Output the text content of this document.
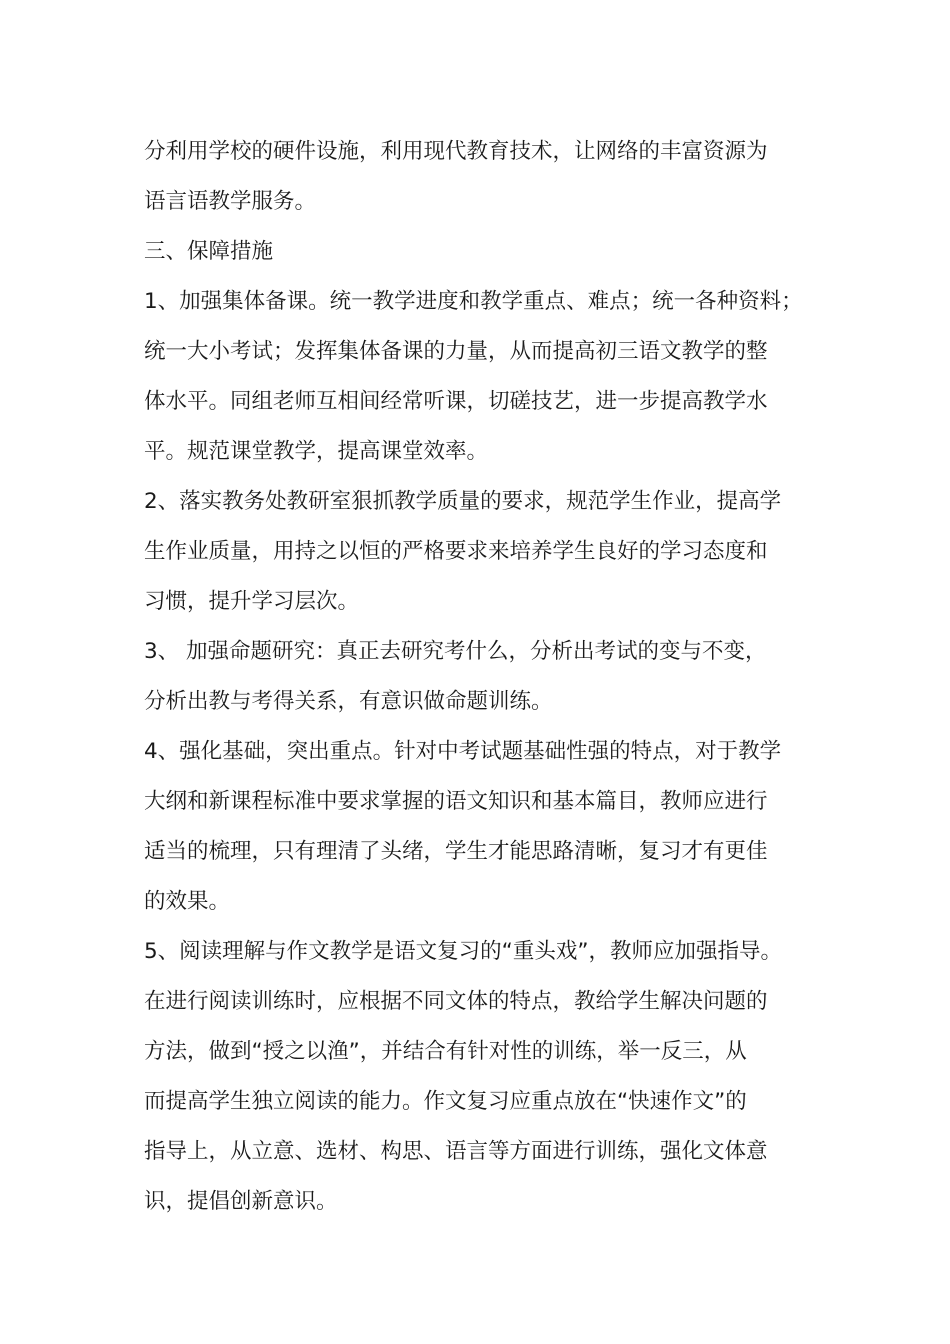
分利用学校的硬件设施，利用现代教育技术，让网络的丰富资源为
语言语教学服务。
三、保障措施
1、加强集体备课。统一教学进度和教学重点、难点；统一各种资料；
统一大小考试；发挥集体备课的力量，从而提高初三语文教学的整
体水平。同组老师互相间经常听课，切磋技艺，进一步提高教学水
平。规范课堂教学，提高课堂效率。
2、落实教务处教研室狠抓教学质量的要求，规范学生作业，提高学
生作业质量，用持之以恒的严格要求来培养学生良好的学习态度和
习惯，提升学习层次。
3、 加强命题研究：真正去研究考什么，分析出考试的变与不变，
分析出教与考得关系，有意识做命题训练。
4、强化基础，突出重点。针对中考试题基础性强的特点，对于教学
大纲和新课程标准中要求掌握的语文知识和基本篇目，教师应进行
适当的梳理，只有理清了头绪，学生才能思路清晰，复习才有更佳
的效果。
5、阅读理解与作文教学是语文复习的“重头戏”，教师应加强指导。
在进行阅读训练时，应根据不同文体的特点，教给学生解决问题的
方法，做到“授之以渔”，并结合有针对性的训练，举一反三，从
而提高学生独立阅读的能力。作文复习应重点放在“快速作文”的
指导上，从立意、选材、构思、语言等方面进行训练，强化文体意
识，提倡创新意识。
